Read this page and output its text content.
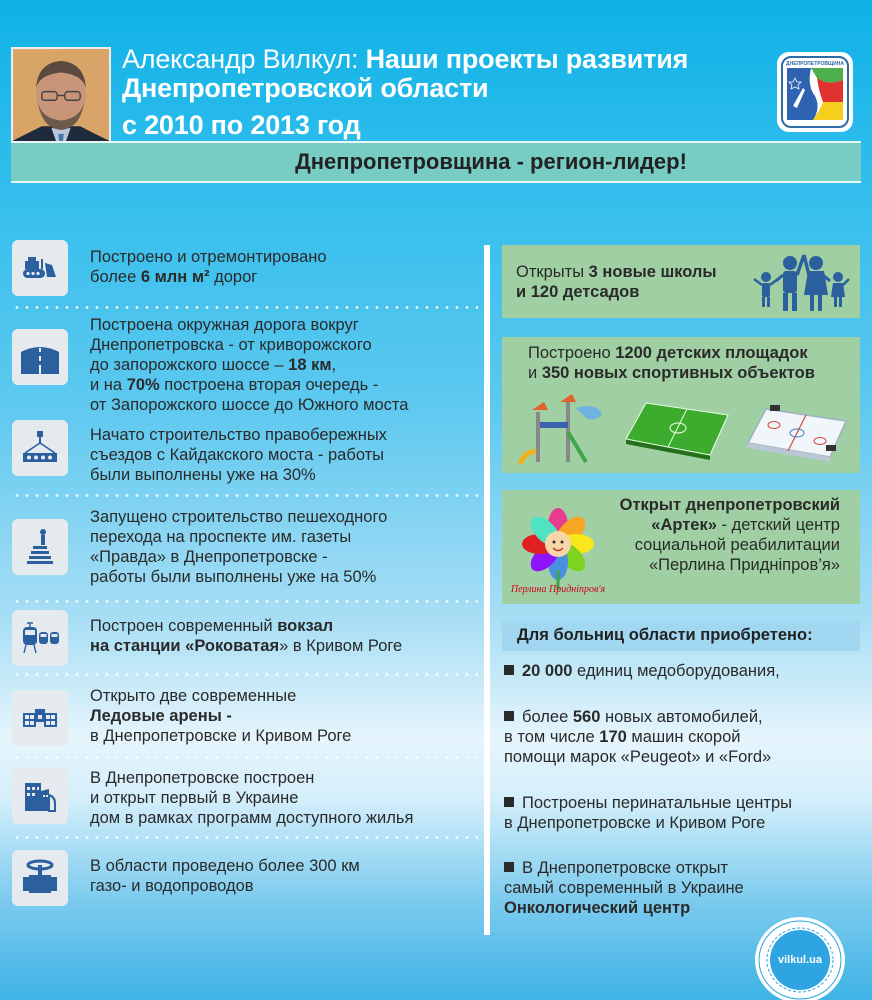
Александр Вилкул: Наши проекты развития
Днепропетровской области
с 2010 по 2013 год
ДНЕПРОПЕТРОВЩИНА
Днепропетровщина - регион-лидер!
Построено и отремонтировано
более 6 млн м² дорог
Построена окружная дорога вокруг
Днепропетровска - от криворожского
до запорожского шоссе – 18 км,
и на 70% построена вторая очередь -
от Запорожского шоссе до Южного моста
Начато строительство правобережных
съездов с Кайдакского моста - работы
были выполнены уже на 30%
Запущено строительство пешеходного
перехода на проспекте им. газеты
«Правда» в Днепропетровске -
работы были выполнены уже на 50%
Построен современный вокзал
на станции «Роковатая» в Кривом Роге
Открыто две современные
Ледовые арены -
в Днепропетровске и Кривом Роге
В Днепропетровске построен
и открыт первый в Украине
дом в рамках программ доступного жилья
В области проведено более 300 км
газо- и водопроводов
Открыты 3 новые школы
и 120 детсадов
Построено 1200 детских площадок
и 350 новых спортивных объектов
Перлина Придніпров'я
Открыт днепропетровский
«Артек» - детский центр
социальной реабилитации
«Перлина Придніпров’я»
Для больниц области приобретено:
20 000 единиц медоборудования,
более 560 новых автомобилей,
в том числе 170 машин скорой
помощи марок «Peugeot» и «Ford»
Построены перинатальные центры
в Днепропетровске и Кривом Роге
В Днепропетровске открыт
самый современный в Украине
Онкологический центр
vilkul.ua
